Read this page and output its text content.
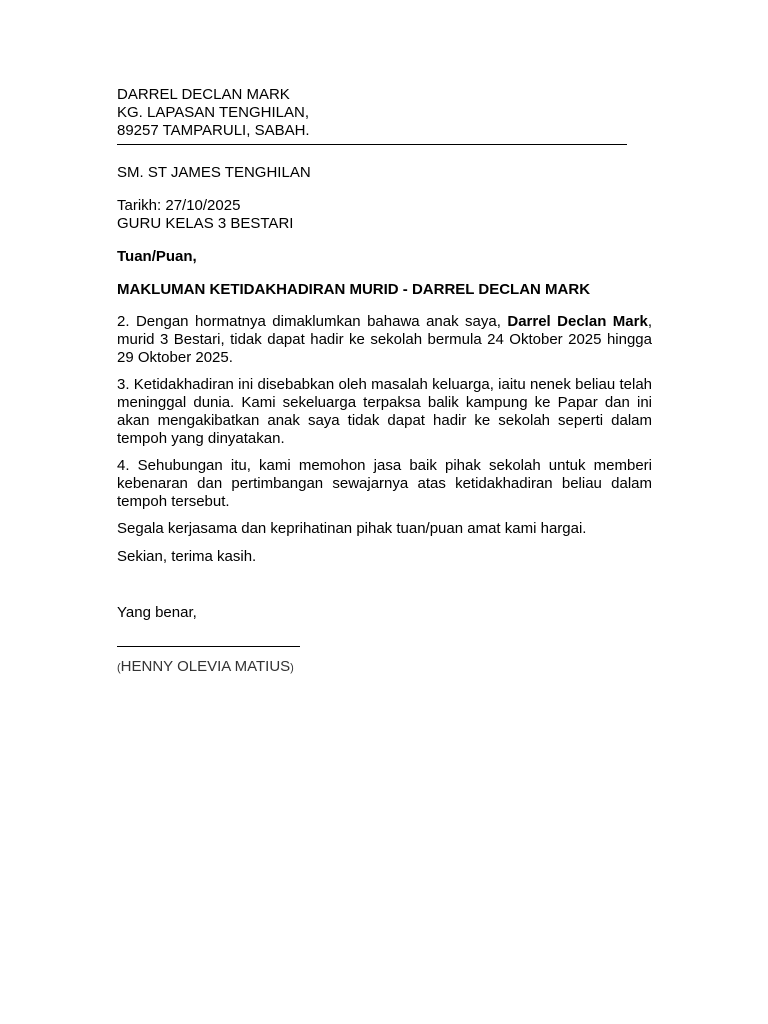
DARREL DECLAN MARK
KG. LAPASAN TENGHILAN,
89257 TAMPARULI, SABAH.
SM. ST JAMES TENGHILAN
Tarikh: 27/10/2025
GURU KELAS 3 BESTARI
Tuan/Puan,
MAKLUMAN KETIDAKHADIRAN MURID - DARREL DECLAN MARK

2. Dengan hormatnya dimaklumkan bahawa anak saya, Darrel Declan Mark, murid 3 Bestari, tidak dapat hadir ke sekolah bermula 24 Oktober 2025 hingga 29 Oktober 2025.

3. Ketidakhadiran ini disebabkan oleh masalah keluarga, iaitu nenek beliau telah meninggal dunia. Kami sekeluarga terpaksa balik kampung ke Papar dan ini akan mengakibatkan anak saya tidak dapat hadir ke sekolah seperti dalam tempoh yang dinyatakan.

4. Sehubungan itu, kami memohon jasa baik pihak sekolah untuk memberi kebenaran dan pertimbangan sewajarnya atas ketidakhadiran beliau dalam tempoh tersebut.

Segala kerjasama dan keprihatinan pihak tuan/puan amat kami hargai.

Sekian, terima kasih.

Yang benar,
(HENNY OLEVIA MATIUS)
